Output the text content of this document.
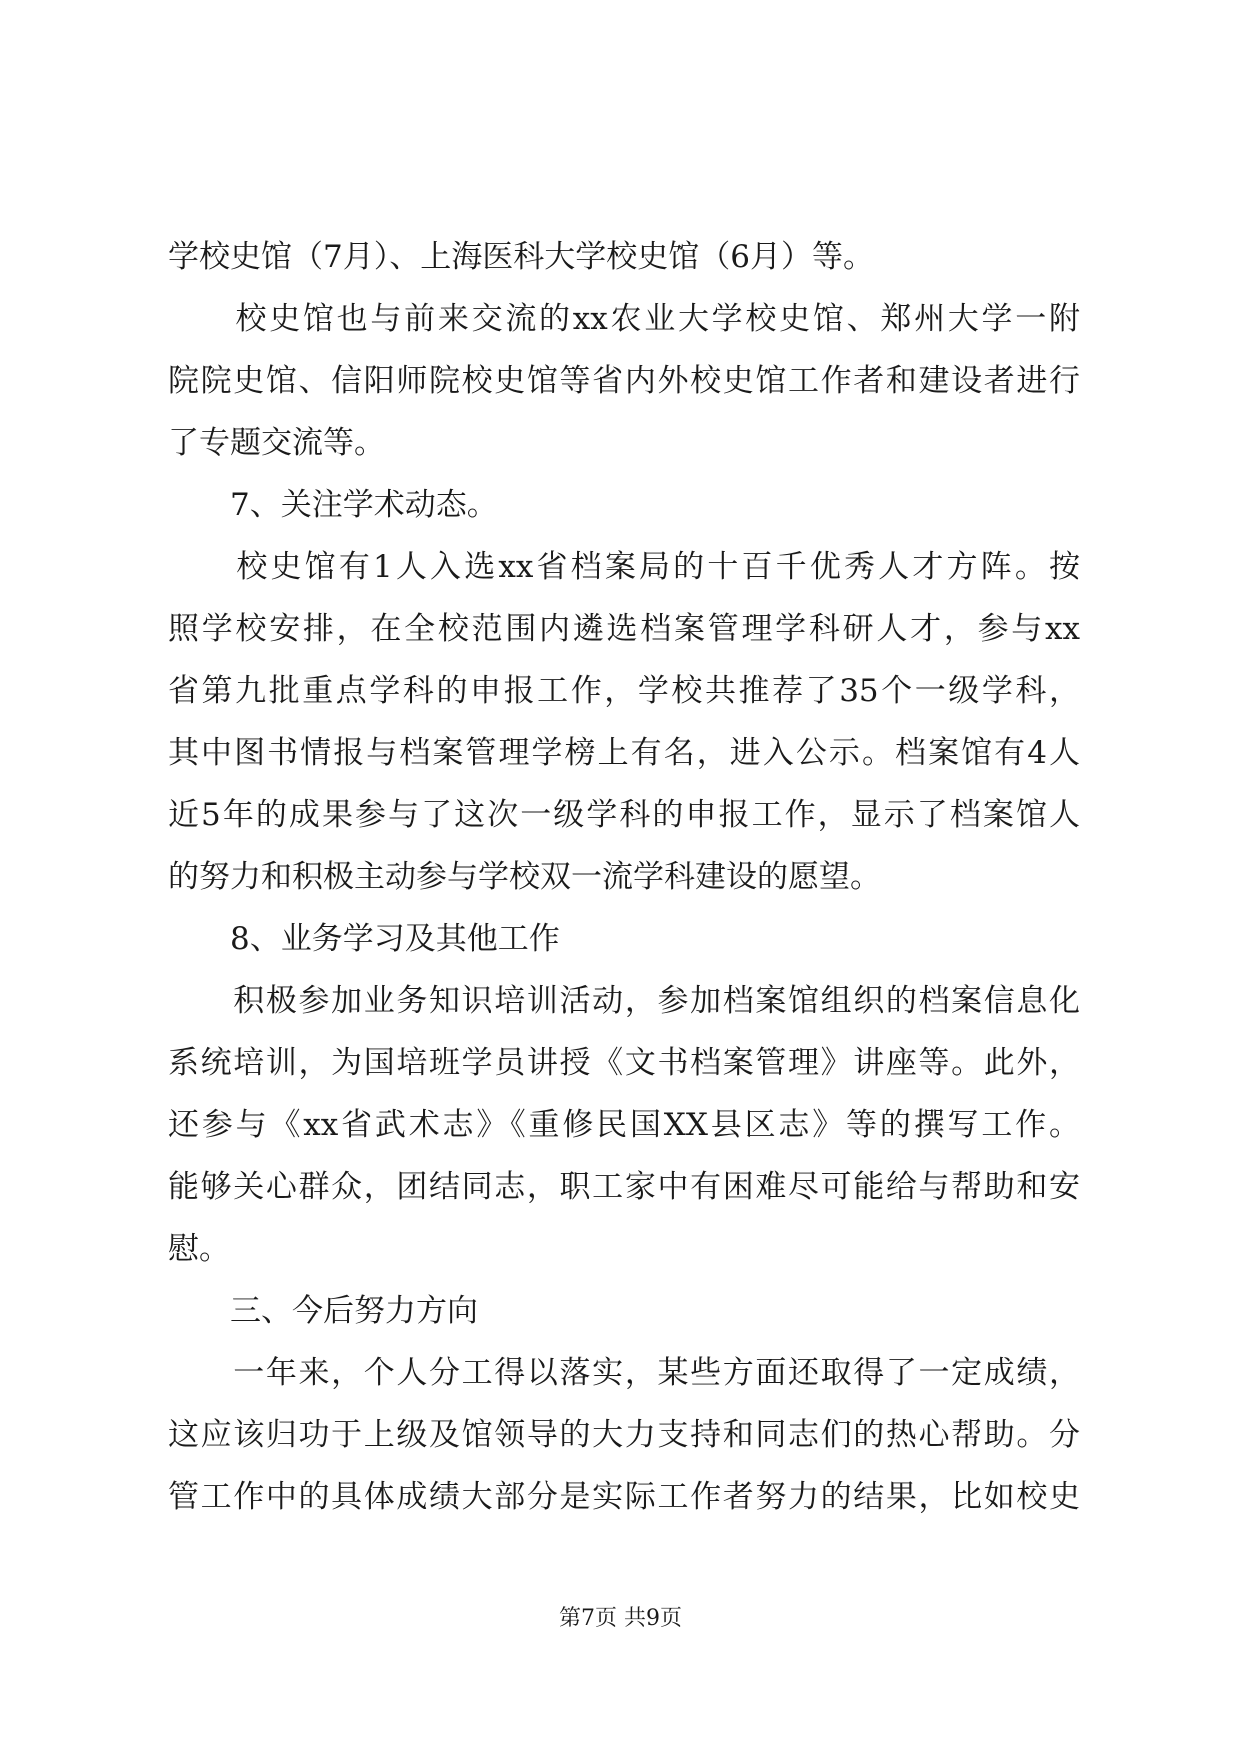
学校史馆（7月）、上海医科大学校史馆（6月）等。
　　校史馆也与前来交流的xx农业大学校史馆、郑州大学一附
院院史馆、信阳师院校史馆等省内外校史馆工作者和建设者进行
了专题交流等。
　　7、关注学术动态。
　　校史馆有1人入选xx省档案局的十百千优秀人才方阵。按
照学校安排，在全校范围内遴选档案管理学科研人才，参与xx
省第九批重点学科的申报工作，学校共推荐了35个一级学科，
其中图书情报与档案管理学榜上有名，进入公示。档案馆有4人
近5年的成果参与了这次一级学科的申报工作，显示了档案馆人
的努力和积极主动参与学校双一流学科建设的愿望。
　　8、业务学习及其他工作
　　积极参加业务知识培训活动，参加档案馆组织的档案信息化
系统培训，为国培班学员讲授《文书档案管理》讲座等。此外，
还参与《xx省武术志》《重修民国XX县区志》等的撰写工作。
能够关心群众，团结同志，职工家中有困难尽可能给与帮助和安
慰。
　　三、今后努力方向
　　一年来，个人分工得以落实，某些方面还取得了一定成绩，
这应该归功于上级及馆领导的大力支持和同志们的热心帮助。分
管工作中的具体成绩大部分是实际工作者努力的结果，比如校史
第7页 共9页
